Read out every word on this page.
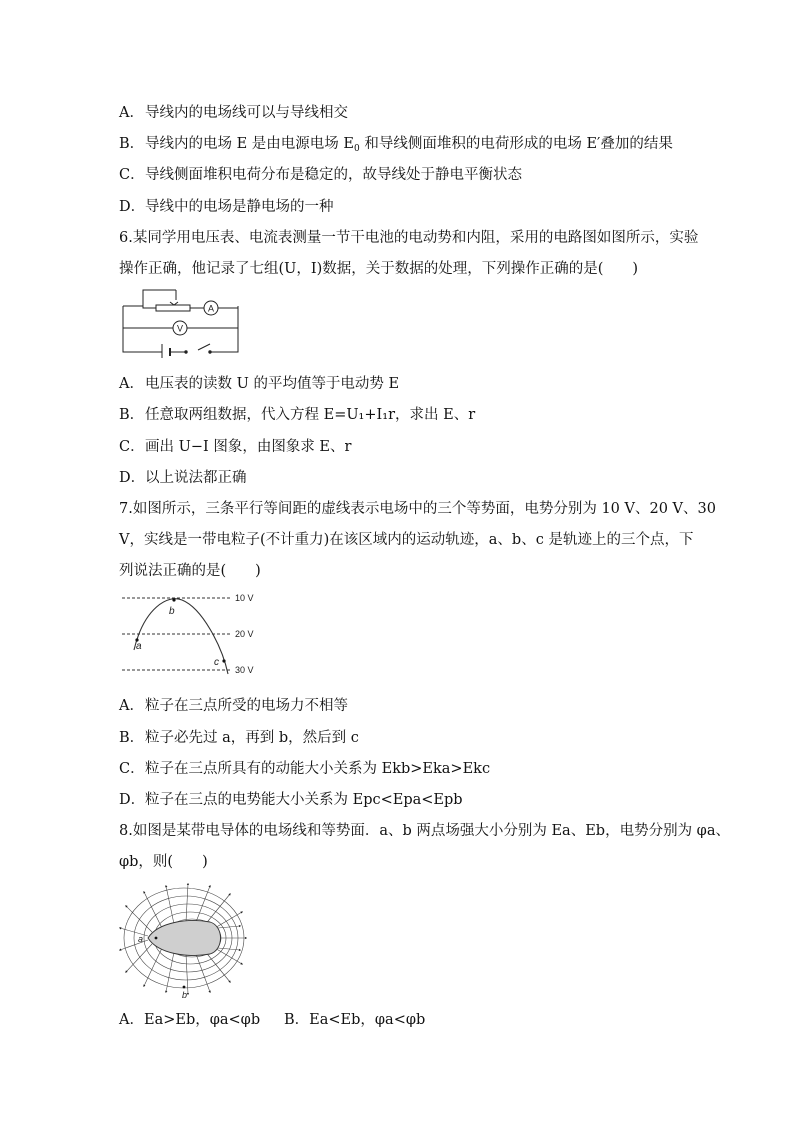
A．导线内的电场线可以与导线相交
B．导线内的电场 E 是由电源电场 $E_0$ 和导线侧面堆积的电荷形成的电场 E′叠加的结果
C．导线侧面堆积电荷分布是稳定的，故导线处于静电平衡状态
D．导线中的电场是静电场的一种
6.某同学用电压表、电流表测量一节干电池的电动势和内阻，采用的电路图如图所示，实验
操作正确，他记录了七组(U，I)数据，关于数据的处理，下列操作正确的是(　　)
A
V
A．电压表的读数 U 的平均值等于电动势 E
B．任意取两组数据，代入方程 E=U₁+I₁r，求出 E、r
C．画出 U−I 图象，由图象求 E、r
D．以上说法都正确
7.如图所示，三条平行等间距的虚线表示电场中的三个等势面，电势分别为 10 V、20 V、30
V，实线是一带电粒子(不计重力)在该区域内的运动轨迹，a、b、c 是轨迹上的三个点，下
列说法正确的是(　　)
10 V
20 V
30 V
a
b
c
A．粒子在三点所受的电场力不相等
B．粒子必先过 a，再到 b，然后到 c
C．粒子在三点所具有的动能大小关系为 Ekb>Eka>Ekc
D．粒子在三点的电势能大小关系为 Epc<Epa<Epb
8.如图是某带电导体的电场线和等势面．a、b 两点场强大小分别为 Ea、Eb，电势分别为 φa、
φb，则(　　)
a
b
A．Ea>Eb，φa<φb B．Ea<Eb，φa<φb
